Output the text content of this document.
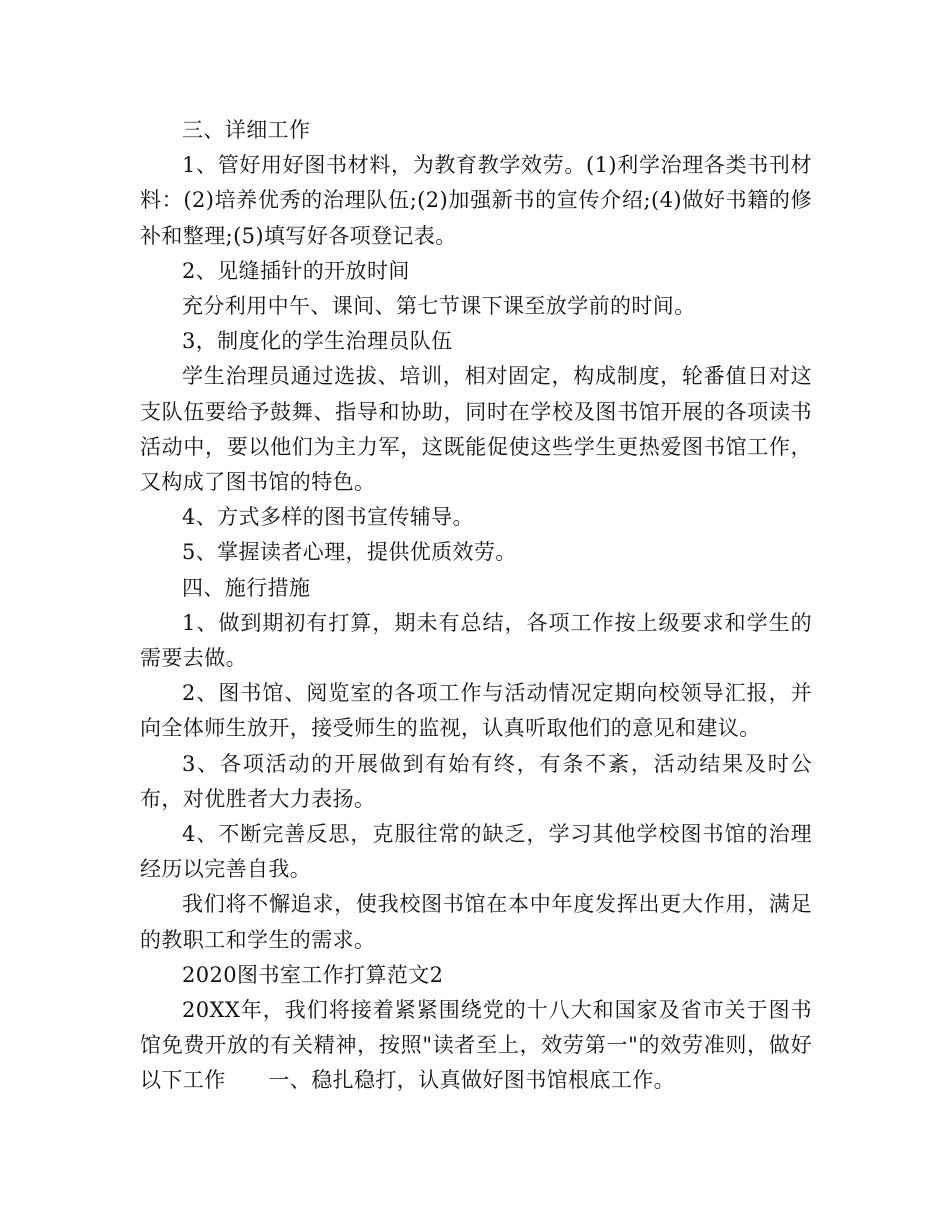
三、详细工作

1、管好用好图书材料，为教育教学效劳。(1)利学治理各类书刊材料：(2)培养优秀的治理队伍;(2)加强新书的宣传介绍;(4)做好书籍的修补和整理;(5)填写好各项登记表。

2、见缝插针的开放时间

充分利用中午、课间、第七节课下课至放学前的时间。

3，制度化的学生治理员队伍

学生治理员通过选拔、培训，相对固定，构成制度，轮番值日对这支队伍要给予鼓舞、指导和协助，同时在学校及图书馆开展的各项读书活动中，要以他们为主力军，这既能促使这些学生更热爱图书馆工作，又构成了图书馆的特色。

4、方式多样的图书宣传辅导。

5、掌握读者心理，提供优质效劳。

四、施行措施

1、做到期初有打算，期未有总结，各项工作按上级要求和学生的需要去做。

2、图书馆、阅览室的各项工作与活动情况定期向校领导汇报，并向全体师生放开，接受师生的监视，认真听取他们的意见和建议。

3、各项活动的开展做到有始有终，有条不紊，活动结果及时公布，对优胜者大力表扬。

4、不断完善反思，克服往常的缺乏，学习其他学校图书馆的治理经历以完善自我。

我们将不懈追求，使我校图书馆在本中年度发挥出更大作用，满足的教职工和学生的需求。

2020图书室工作打算范文2

20XX年，我们将接着紧紧围绕党的十八大和国家及省市关于图书馆免费开放的有关精神，按照"读者至上，效劳第一"的效劳准则，做好以下工作　　一、稳扎稳打，认真做好图书馆根底工作。
